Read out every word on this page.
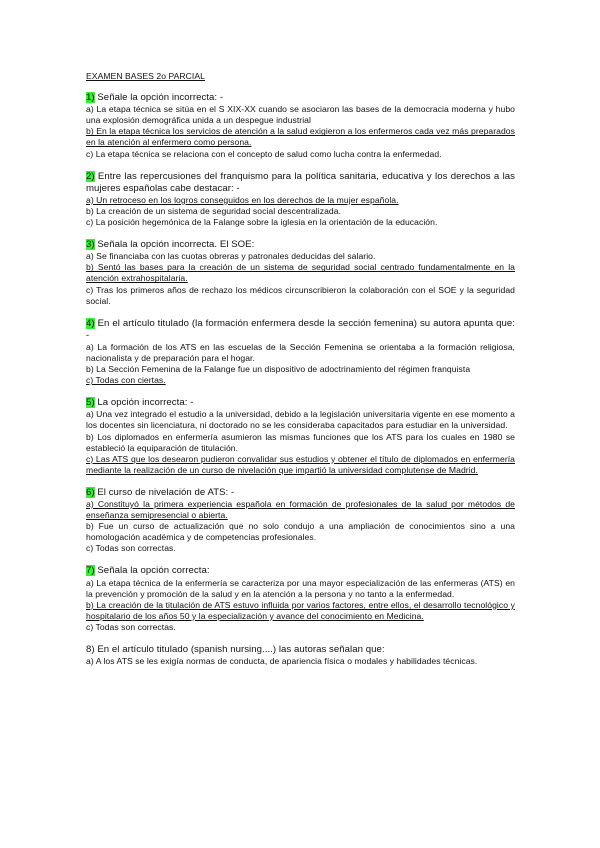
EXAMEN BASES 2o PARCIAL
1) Señale la opción incorrecta: -
a) La etapa técnica se sitúa en el S XIX-XX cuando se asociaron las bases de la democracia moderna y hubo una explosión demográfica unida a un despegue industrial
b) En la etapa técnica los servicios de atención a la salud exigieron a los enfermeros cada vez más preparados en la atención al enfermero como persona.
c) La etapa técnica se relaciona con el concepto de salud como lucha contra la enfermedad.
2) Entre las repercusiones del franquismo para la política sanitaria, educativa y los derechos a las mujeres españolas cabe destacar: -
a) Un retroceso en los logros conseguidos en los derechos de la mujer española.
b) La creación de un sistema de seguridad social descentralizada.
c) La posición hegemónica de la Falange sobre la iglesia en la orientación de la educación.
3) Señala la opción incorrecta. El SOE:
a) Se financiaba con las cuotas obreras y patronales deducidas del salario.
b) Sentó las bases para la creación de un sistema de seguridad social centrado fundamentalmente en la atención extrahospitalaria.
c) Tras los primeros años de rechazo los médicos circunscribieron la colaboración con el SOE y la seguridad social.
4) En el artículo titulado (la formación enfermera desde la sección femenina) su autora apunta que: -
a) La formación de los ATS en las escuelas de la Sección Femenina se orientaba a la formación religiosa, nacionalista y de preparación para el hogar.
b) La Sección Femenina de la Falange fue un dispositivo de adoctrinamiento del régimen franquista
c) Todas con ciertas.
5) La opción incorrecta: -
a) Una vez integrado el estudio a la universidad, debido a la legislación universitaria vigente en ese momento a los docentes sin licenciatura, ni doctorado no se les consideraba capacitados para estudiar en la universidad.
b) Los diplomados en enfermería asumieron las mismas funciones que los ATS para los cuales en 1980 se estableció la equiparación de titulación.
c) Las ATS que los desearon pudieron convalidar sus estudios y obtener el título de diplomados en enfermería mediante la realización de un curso de nivelación que impartió la universidad complutense de Madrid.
6) El curso de nivelación de ATS: -
a) Constituyó la primera experiencia española en formación de profesionales de la salud por métodos de enseñanza semipresencial o abierta.
b) Fue un curso de actualización que no solo condujo a una ampliación de conocimientos sino a una homologación académica y de competencias profesionales.
c) Todas son correctas.
7) Señala la opción correcta:
a) La etapa técnica de la enfermería se caracteriza por una mayor especialización de las enfermeras (ATS) en la prevención y promoción de la salud y en la atención a la persona y no tanto a la enfermedad.
b) La creación de la titulación de ATS estuvo influida por varios factores, entre ellos, el desarrollo tecnológico y hospitalario de los años 50 y la especialización y avance del conocimiento en Medicina.
c) Todas son correctas.
8) En el artículo titulado (spanish nursing....) las autoras señalan que:
a) A los ATS se les exigía normas de conducta, de apariencia física o modales y habilidades técnicas.
